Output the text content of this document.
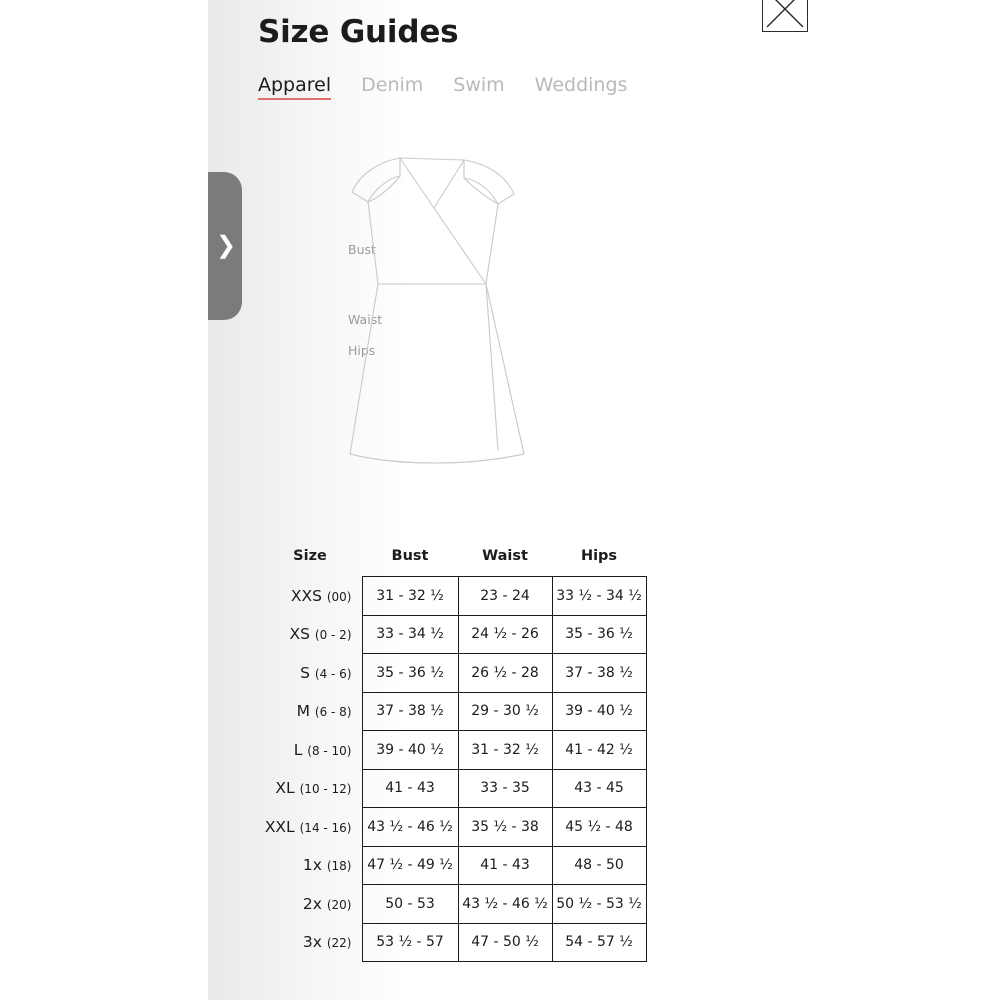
❯
Size Guides
Apparel Denim Swim Weddings
Bust
Waist
Hips
Size	Bust	Waist	Hips
XXS (00)	31 - 32 ½	23 - 24	33 ½ - 34 ½
XS (0 - 2)	33 - 34 ½	24 ½ - 26	35 - 36 ½
S (4 - 6)	35 - 36 ½	26 ½ - 28	37 - 38 ½
M (6 - 8)	37 - 38 ½	29 - 30 ½	39 - 40 ½
L (8 - 10)	39 - 40 ½	31 - 32 ½	41 - 42 ½
XL (10 - 12)	41 - 43	33 - 35	43 - 45
XXL (14 - 16)	43 ½ - 46 ½	35 ½ - 38	45 ½ - 48
1x (18)	47 ½ - 49 ½	41 - 43	48 - 50
2x (20)	50 - 53	43 ½ - 46 ½	50 ½ - 53 ½
3x (22)	53 ½ - 57	47 - 50 ½	54 - 57 ½
